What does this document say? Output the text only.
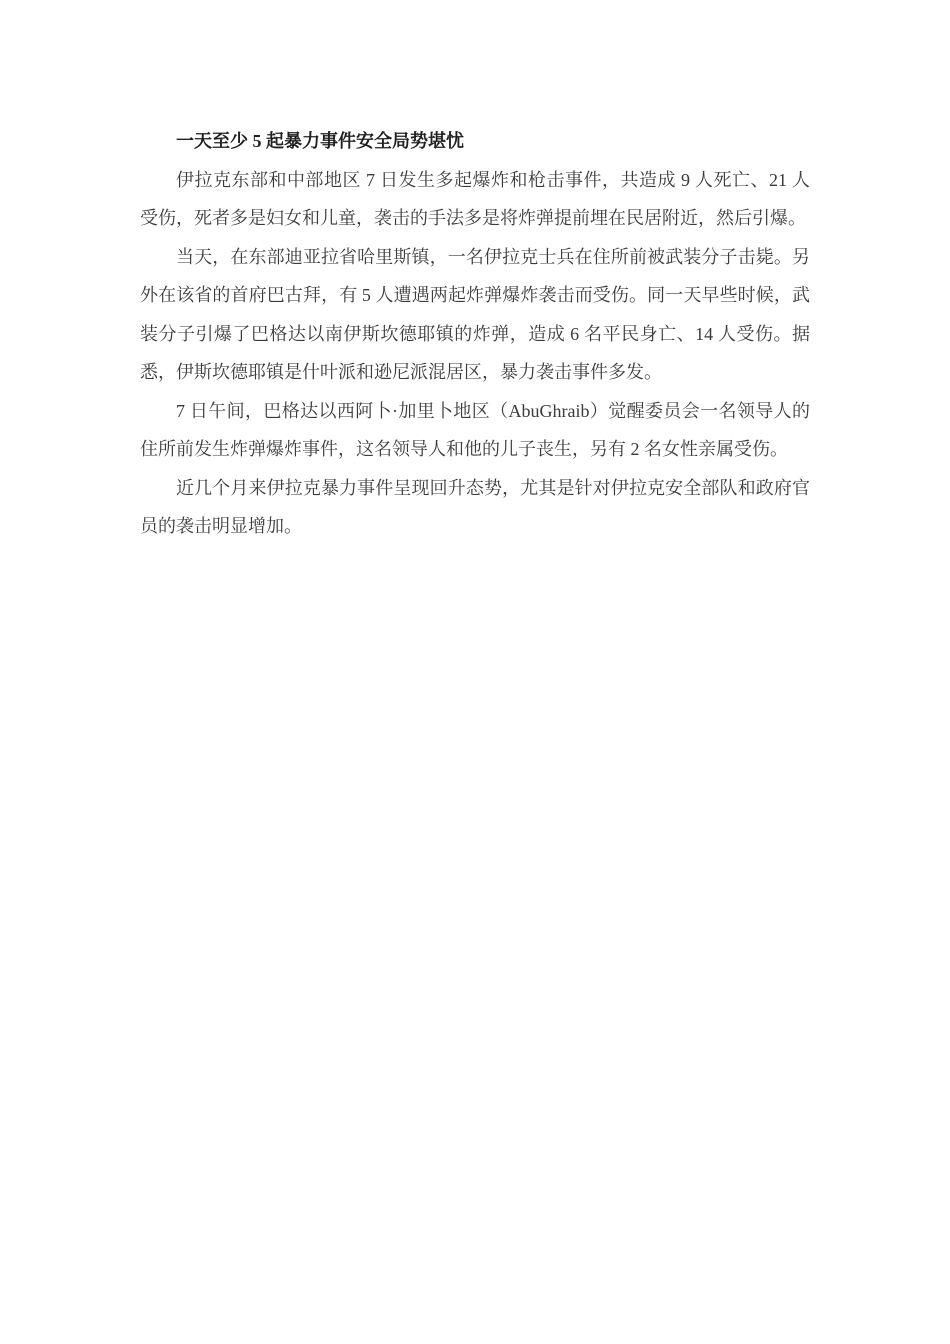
一天至少 5 起暴力事件安全局势堪忧

伊拉克东部和中部地区 7 日发生多起爆炸和枪击事件，共造成 9 人死亡、21 人受伤，死者多是妇女和儿童，袭击的手法多是将炸弹提前埋在民居附近，然后引爆。

当天，在东部迪亚拉省哈里斯镇，一名伊拉克士兵在住所前被武装分子击毙。另外在该省的首府巴古拜，有 5 人遭遇两起炸弹爆炸袭击而受伤。同一天早些时候，武装分子引爆了巴格达以南伊斯坎德耶镇的炸弹，造成 6 名平民身亡、14 人受伤。据悉，伊斯坎德耶镇是什叶派和逊尼派混居区，暴力袭击事件多发。

7 日午间，巴格达以西阿卜·加里卜地区（AbuGhraib）觉醒委员会一名领导人的住所前发生炸弹爆炸事件，这名领导人和他的儿子丧生，另有 2 名女性亲属受伤。

近几个月来伊拉克暴力事件呈现回升态势，尤其是针对伊拉克安全部队和政府官员的袭击明显增加。
